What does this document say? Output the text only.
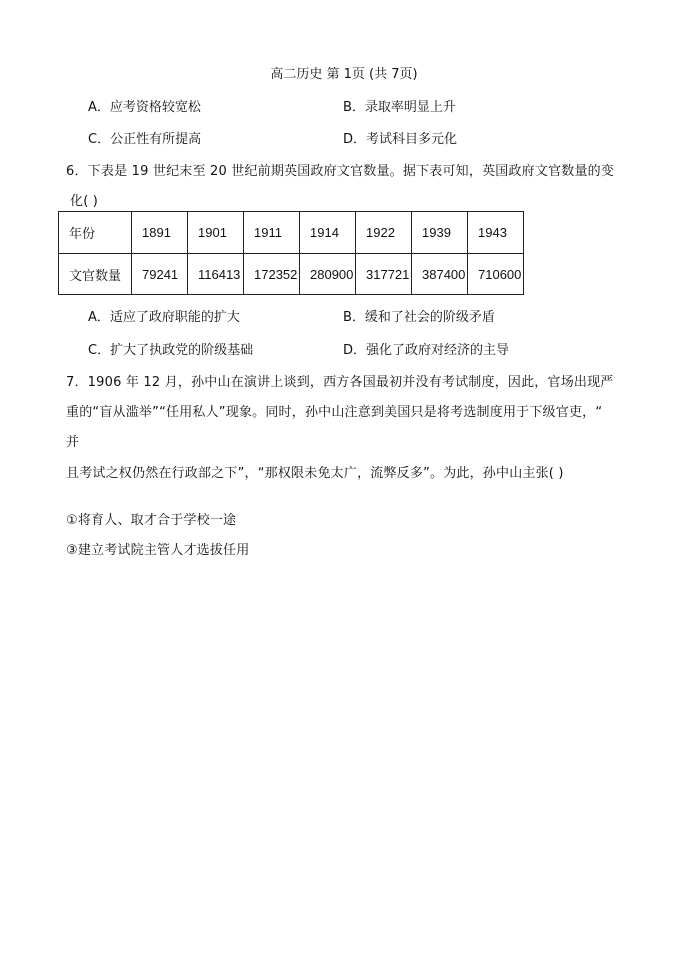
高二历史 第 1页 (共 7页)
A．应考资格较宽松	B．录取率明显上升
C．公正性有所提高	D．考试科目多元化
6．下表是 19 世纪末至 20 世纪前期英国政府文官数量。据下表可知，英国政府文官数量的变
化( )
年份	1891	1901	1911	1914	1922	1939	1943
文官数量	79241	116413	172352	280900	317721	387400	710600
A．适应了政府职能的扩大	B．缓和了社会的阶级矛盾
C．扩大了执政党的阶级基础	D．强化了政府对经济的主导
7．1906 年 12 月，孙中山在演讲上谈到，西方各国最初并没有考试制度，因此，官场出现严
重的“盲从滥举”“任用私人”现象。同时，孙中山注意到美国只是将考选制度用于下级官吏，“
并
且考试之权仍然在行政部之下”，“那权限未免太广，流弊反多”。为此，孙中山主张( )
①将育人、取才合于学校一途
③建立考试院主管人才选拔任用
